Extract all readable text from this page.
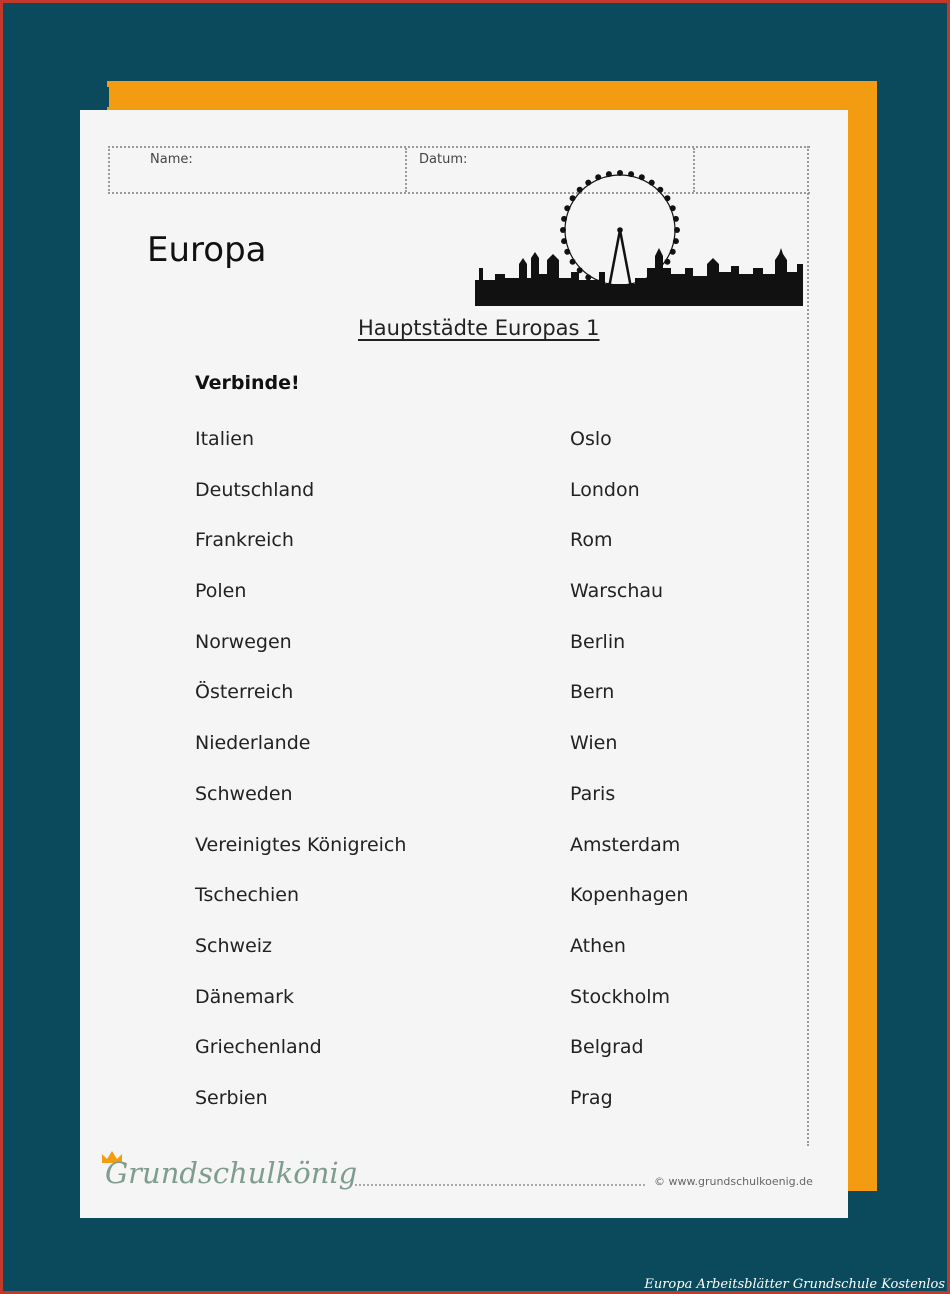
Name:	Datum:
Europa
Hauptstädte Europas 1
Verbinde!
Italien
Deutschland
Frankreich
Polen
Norwegen
Österreich
Niederlande
Schweden
Vereinigtes Königreich
Tschechien
Schweiz
Dänemark
Griechenland
Serbien
Oslo
London
Rom
Warschau
Berlin
Bern
Wien
Paris
Amsterdam
Kopenhagen
Athen
Stockholm
Belgrad
Prag
Grundschulkönig	© www.grundschulkoenig.de
Europa Arbeitsblätter Grundschule Kostenlos
